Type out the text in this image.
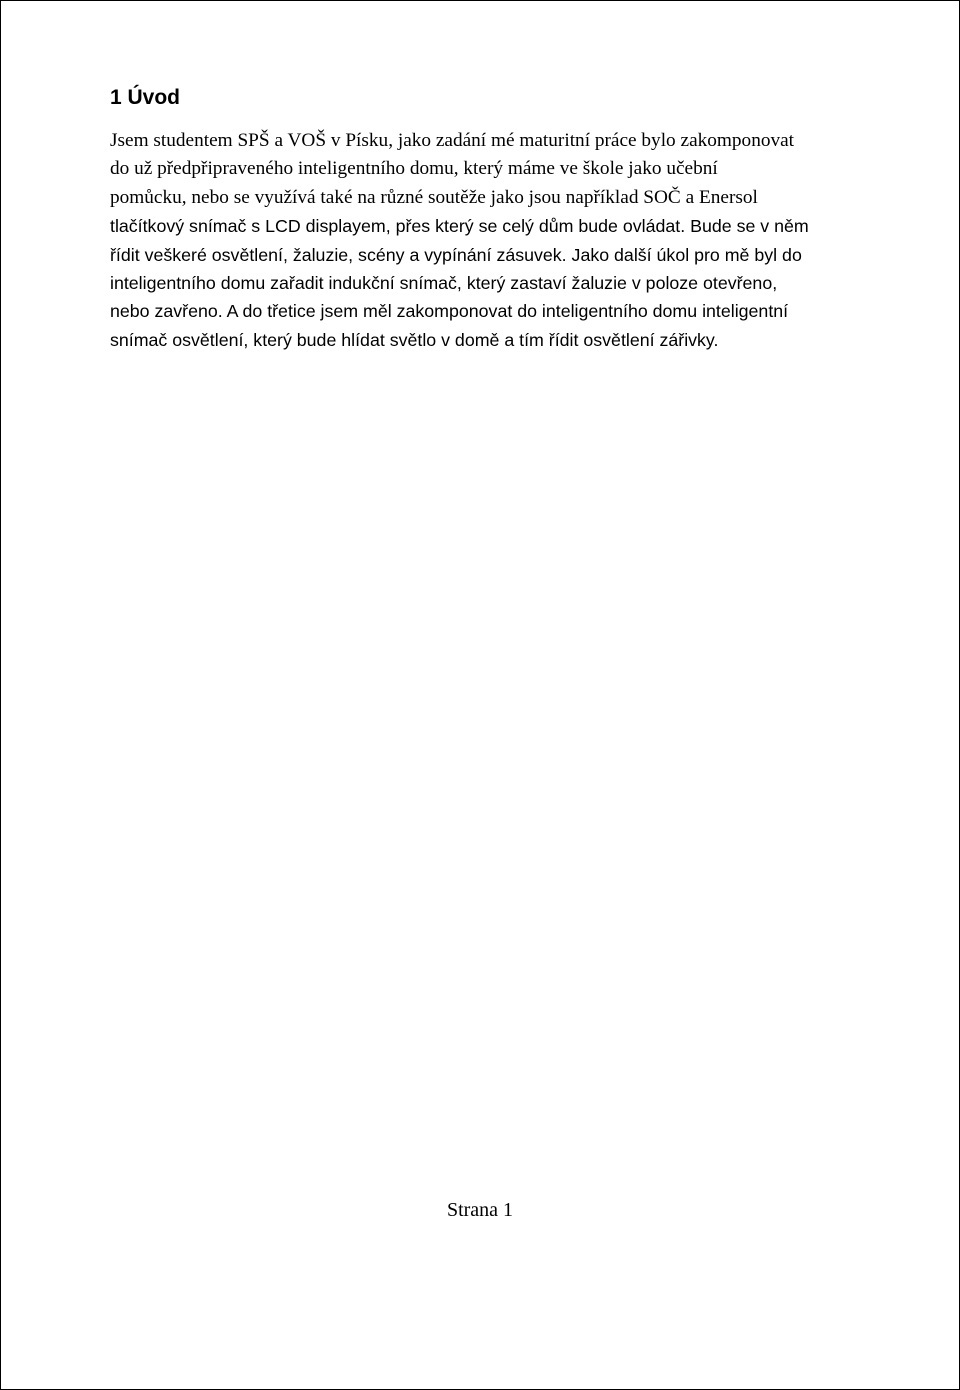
1 Úvod
Jsem studentem SPŠ a VOŠ v Písku, jako zadání mé maturitní práce bylo zakomponovat
do už předpřipraveného inteligentního domu, který máme ve škole jako učební
pomůcku, nebo se využívá také na různé soutěže jako jsou například SOČ a Enersol
tlačítkový snímač s LCD displayem, přes který se celý dům bude ovládat. Bude se v něm
řídit veškeré osvětlení, žaluzie, scény a vypínání zásuvek. Jako další úkol pro mě byl do
inteligentního domu zařadit indukční snímač, který zastaví žaluzie v poloze otevřeno,
nebo zavřeno. A do třetice jsem měl zakomponovat do inteligentního domu inteligentní
snímač osvětlení, který bude hlídat světlo v domě a tím řídit osvětlení zářivky.
Strana 1
